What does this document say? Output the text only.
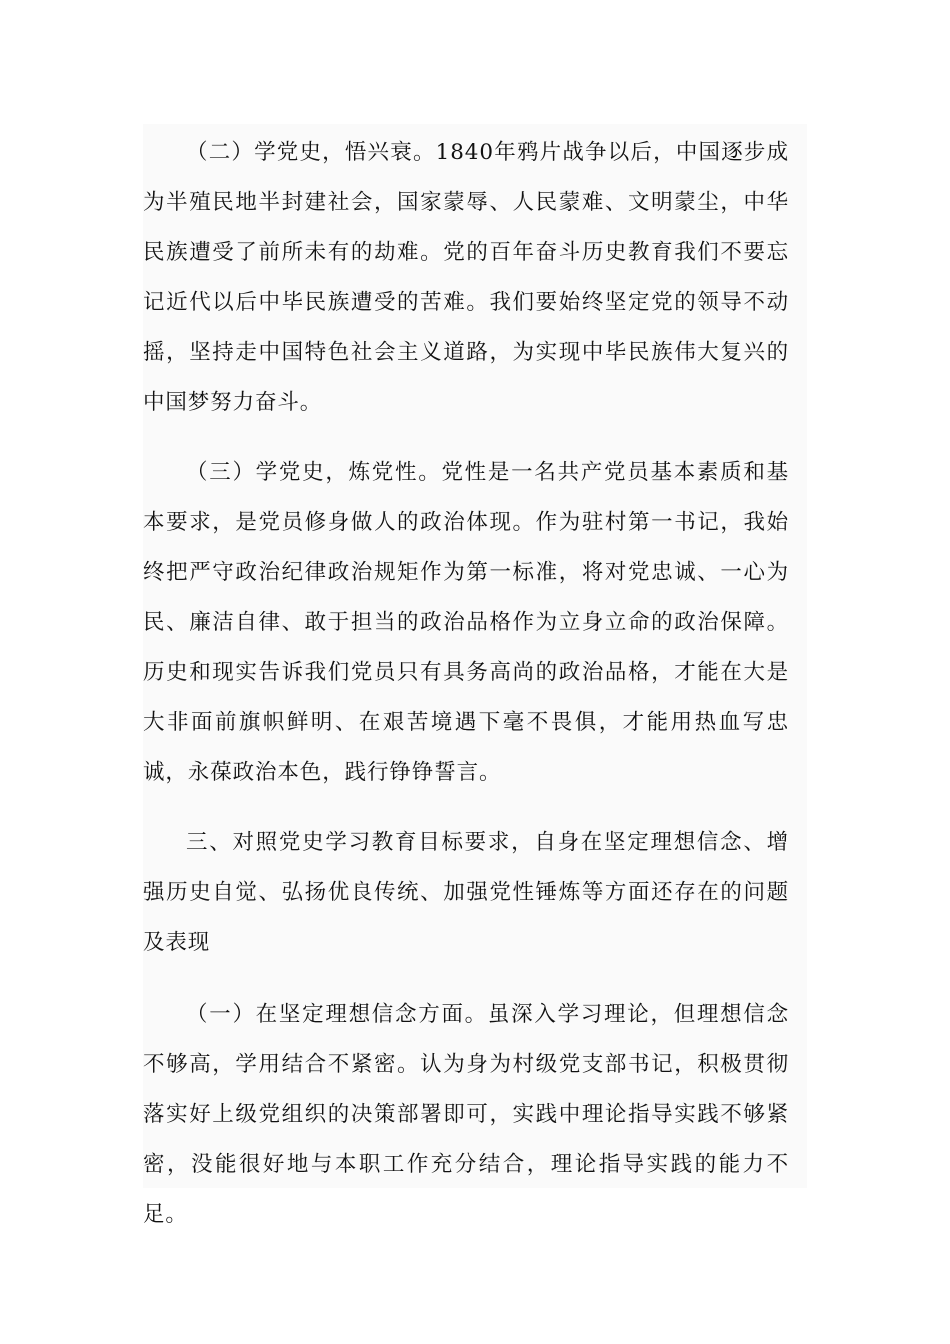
（二）学党史，悟兴衰。1840年鸦片战争以后，中国逐步成为半殖民地半封建社会，国家蒙辱、人民蒙难、文明蒙尘，中华民族遭受了前所未有的劫难。党的百年奋斗历史教育我们不要忘记近代以后中毕民族遭受的苦难。我们要始终坚定党的领导不动摇，坚持走中国特色社会主义道路，为实现中毕民族伟大复兴的中国梦努力奋斗。

（三）学党史，炼党性。党性是一名共产党员基本素质和基本要求，是党员修身做人的政治体现。作为驻村第一书记，我始终把严守政治纪律政治规矩作为第一标准，将对党忠诚、一心为民、廉洁自律、敢于担当的政治品格作为立身立命的政治保障。历史和现实告诉我们党员只有具务高尚的政治品格，才能在大是大非面前旗帜鲜明、在艰苦境遇下毫不畏俱，才能用热血写忠诚，永葆政治本色，践行铮铮誓言。

三、对照党史学习教育目标要求，自身在坚定理想信念、增强历史自觉、弘扬优良传统、加强党性锤炼等方面还存在的问题及表现

（一）在坚定理想信念方面。虽深入学习理论，但理想信念不够高，学用结合不紧密。认为身为村级党支部书记，积极贯彻落实好上级党组织的决策部署即可，实践中理论指导实践不够紧密，没能很好地与本职工作充分结合，理论指导实践的能力不足。
